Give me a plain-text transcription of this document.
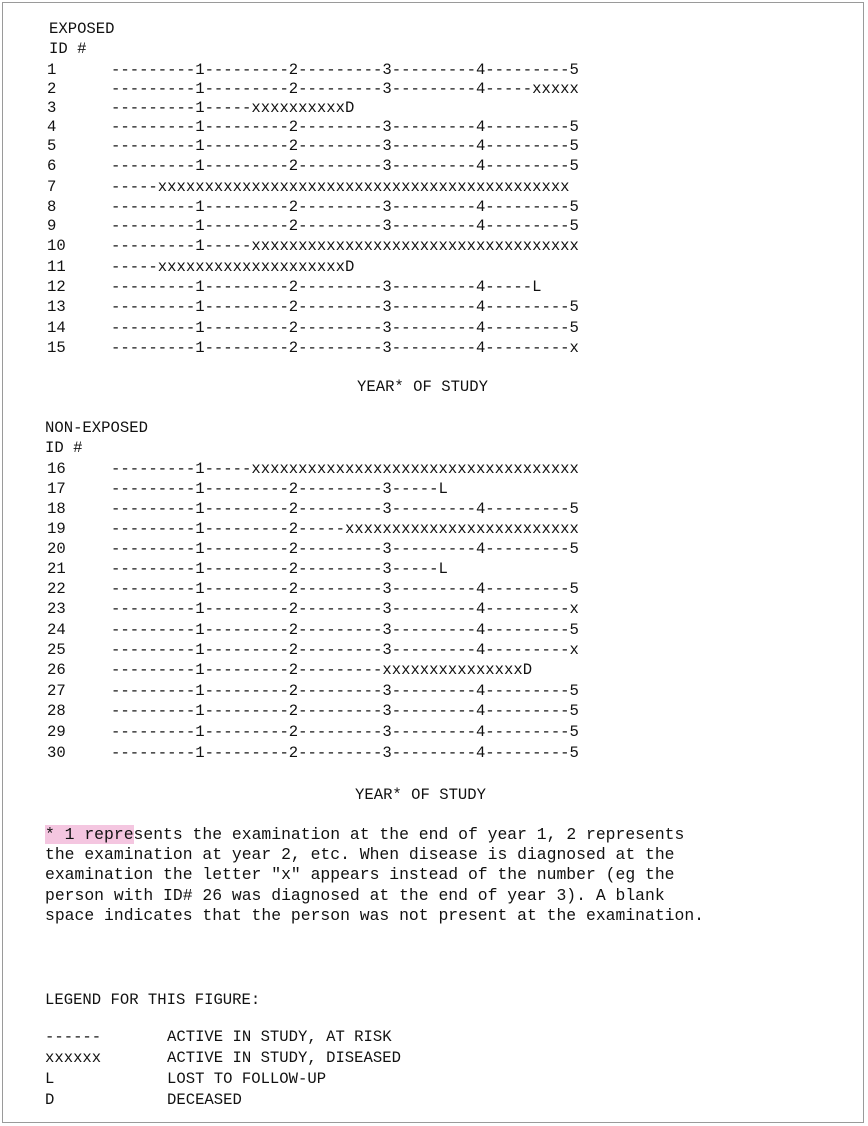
EXPOSED
ID #
1	---------1---------2---------3---------4---------5
2	---------1---------2---------3---------4-----xxxxx
3	---------1-----xxxxxxxxxxD
4	---------1---------2---------3---------4---------5
5	---------1---------2---------3---------4---------5
6	---------1---------2---------3---------4---------5
7	-----xxxxxxxxxxxxxxxxxxxxxxxxxxxxxxxxxxxxxxxxxxxx
8	---------1---------2---------3---------4---------5
9	---------1---------2---------3---------4---------5
10	---------1-----xxxxxxxxxxxxxxxxxxxxxxxxxxxxxxxxxxx
11	-----xxxxxxxxxxxxxxxxxxxxD
12	---------1---------2---------3---------4-----L
13	---------1---------2---------3---------4---------5
14	---------1---------2---------3---------4---------5
15	---------1---------2---------3---------4---------x
YEAR* OF STUDY
NON-EXPOSED
ID #
16	---------1-----xxxxxxxxxxxxxxxxxxxxxxxxxxxxxxxxxxx
17	---------1---------2---------3-----L
18	---------1---------2---------3---------4---------5
19	---------1---------2-----xxxxxxxxxxxxxxxxxxxxxxxxx
20	---------1---------2---------3---------4---------5
21	---------1---------2---------3-----L
22	---------1---------2---------3---------4---------5
23	---------1---------2---------3---------4---------x
24	---------1---------2---------3---------4---------5
25	---------1---------2---------3---------4---------x
26	---------1---------2---------xxxxxxxxxxxxxxxD
27	---------1---------2---------3---------4---------5
28	---------1---------2---------3---------4---------5
29	---------1---------2---------3---------4---------5
30	---------1---------2---------3---------4---------5
YEAR* OF STUDY
* 1 represents the examination at the end of year 1, 2 represents
the examination at year 2, etc. When disease is diagnosed at the
examination the letter "x" appears instead of the number (eg the
person with ID# 26 was diagnosed at the end of year 3). A blank
space indicates that the person was not present at the examination.
LEGEND FOR THIS FIGURE:
------	ACTIVE IN STUDY, AT RISK
xxxxxx	ACTIVE IN STUDY, DISEASED
L	LOST TO FOLLOW-UP
D	DECEASED
